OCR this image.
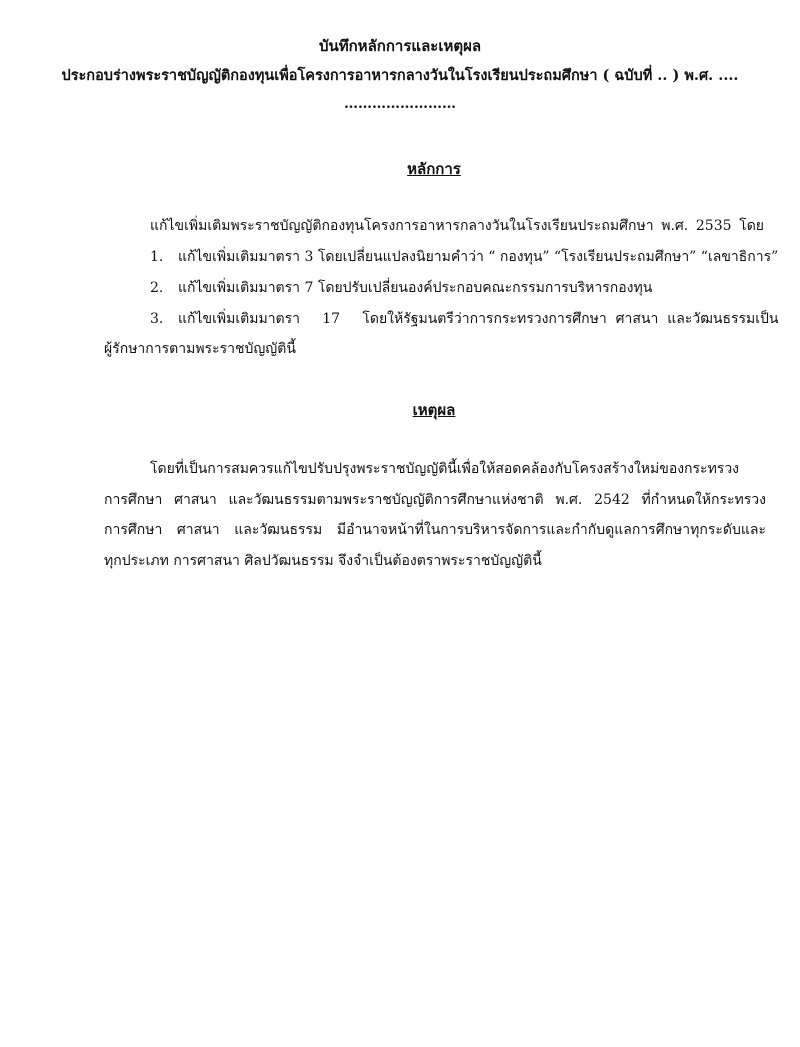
บันทึกหลักการและเหตุผล
ประกอบร่างพระราชบัญญัติกองทุนเพื่อโครงการอาหารกลางวันในโรงเรียนประถมศึกษา ( ฉบับที่ .. ) พ.ศ. ....
……………………
หลักการ
แก้ไขเพิ่มเติมพระราชบัญญัติกองทุนโครงการอาหารกลางวันในโรงเรียนประถมศึกษา พ.ศ. 2535 โดย
1. แก้ไขเพิ่มเติมมาตรา 3 โดยเปลี่ยนแปลงนิยามคำว่า “ กองทุน” “โรงเรียนประถมศึกษา” “เลขาธิการ”
2. แก้ไขเพิ่มเติมมาตรา 7 โดยปรับเปลี่ยนองค์ประกอบคณะกรรมการบริหารกองทุน
3. แก้ไขเพิ่มเติมมาตรา     17     โดยให้รัฐมนตรีว่าการกระทรวงการศึกษา  ศาสนา  และวัฒนธรรมเป็น
ผู้รักษาการตามพระราชบัญญัตินี้
เหตุผล
โดยที่เป็นการสมควรแก้ไขปรับปรุงพระราชบัญญัตินี้เพื่อให้สอดคล้องกับโครงสร้างใหม่ของกระทรวง
การศึกษา ศาสนา และวัฒนธรรมตามพระราชบัญญัติการศึกษาแห่งชาติ พ.ศ. 2542 ที่กำหนดให้กระทรวง
การศึกษา ศาสนา และวัฒนธรรม มีอำนาจหน้าที่ในการบริหารจัดการและกำกับดูแลการศึกษาทุกระดับและ
ทุกประเภท การศาสนา ศิลปวัฒนธรรม จึงจำเป็นต้องตราพระราชบัญญัตินี้
